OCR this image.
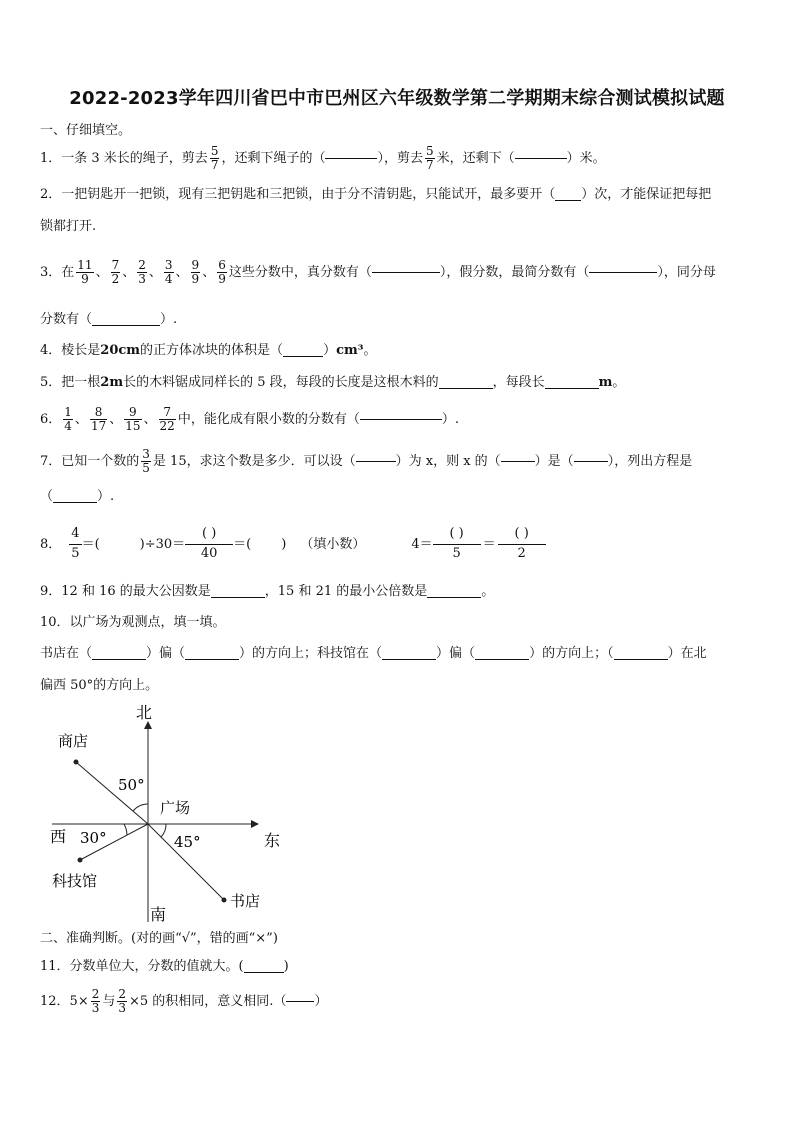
2022-2023学年四川省巴中市巴州区六年级数学第二学期期末综合测试模拟试题
一、仔细填空。
1．一条 3 米长的绳子，剪去 $\frac{5}{7}$ ，还剩下绳子的（	），剪去 $\frac{5}{7}$ 米，还剩下（	）米。
2．一把钥匙开一把锁，现有三把钥匙和三把锁，由于分不清钥匙，只能试开，最多要开（ ）次，才能保证把每把
锁都打开.
3．在 $\frac{11}{9}$ 、 $\frac{7}{2}$ 、 $\frac{2}{3}$ 、 $\frac{3}{4}$ 、 $\frac{9}{9}$ 、 $\frac{6}{9}$ 这些分数中，真分数有（	），假分数，最简分数有（	），同分母
分数有（	）.
4．棱长是 20cm 的正方体冰块的体积是（	） cm³ 。
5．把一根 2m 长的木料锯成同样长的 5 段，每段的长度是这根木料的	，每段长	m 。
6． $\frac{1}{4}$ 、 $\frac{8}{17}$ 、 $\frac{9}{15}$ 、 $\frac{7}{22}$ 中，能化成有限小数的分数有（	）.
7．已知一个数的 $\frac{3}{5}$ 是 15，求这个数是多少．可以设（	）为 x，则 x 的（	）是（	），列出方程是
（	）.
8．
4
5
＝(	)÷30＝
( )
40
＝( ) （填小数）	4＝
( )
5
＝
( )
2
9．12 和 16 的最大公因数是	，15 和 21 的最小公倍数是	。
10．以广场为观测点，填一填。
书店在（	）偏（	）的方向上；科技馆在（	）偏（	）的方向上；（	）在北
偏西 50°的方向上。
北
南
东
西
广场
商店
书店
科技馆
50°
30°	45°
二、准确判断。(对的画“√”，错的画“×”)
11．分数单位大，分数的值就大。(	)
12．$5\times \frac{2}{3}$ 与 $\frac{2}{3} \times 5$ 的积相同，意义相同.（ ）
